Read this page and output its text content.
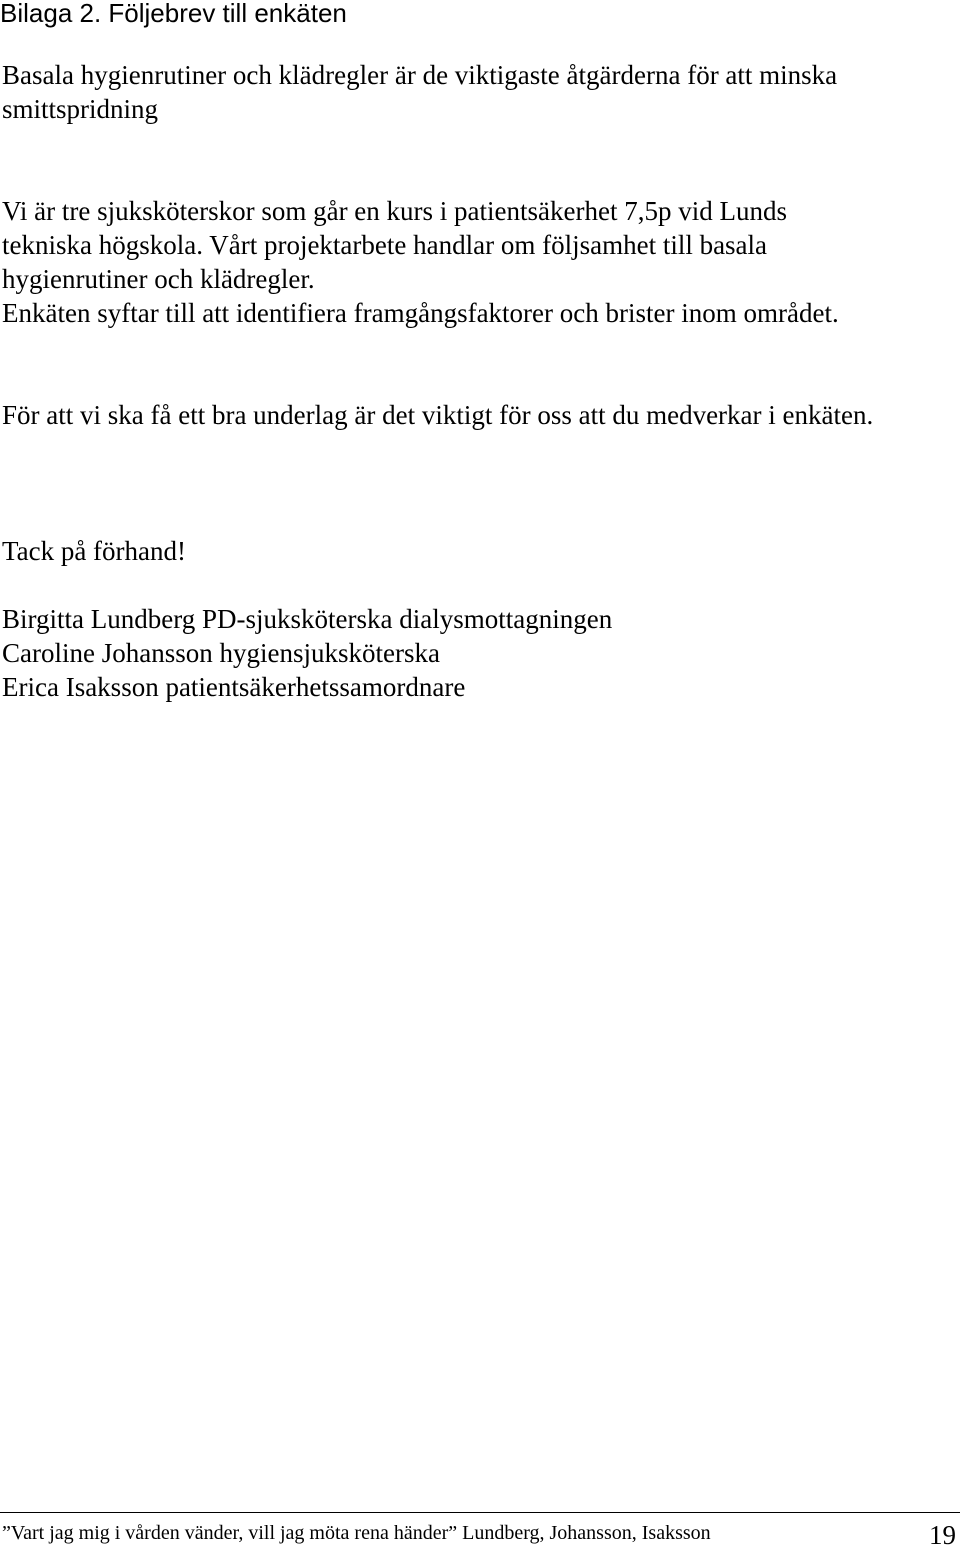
Bilaga 2. Följebrev till enkäten
Basala hygienrutiner och klädregler är de viktigaste åtgärderna för att minska
smittspridning
Vi är tre sjuksköterskor som går en kurs i patientsäkerhet 7,5p vid Lunds
tekniska högskola. Vårt projektarbete handlar om följsamhet till basala
hygienrutiner och klädregler.
Enkäten syftar till att identifiera framgångsfaktorer och brister inom området.
För att vi ska få ett bra underlag är det viktigt för oss att du medverkar i enkäten.
Tack på förhand!
Birgitta Lundberg PD-sjuksköterska dialysmottagningen
Caroline Johansson hygiensjuksköterska
Erica Isaksson patientsäkerhetssamordnare
”Vart jag mig i vården vänder, vill jag möta rena händer” Lundberg, Johansson, Isaksson	19
